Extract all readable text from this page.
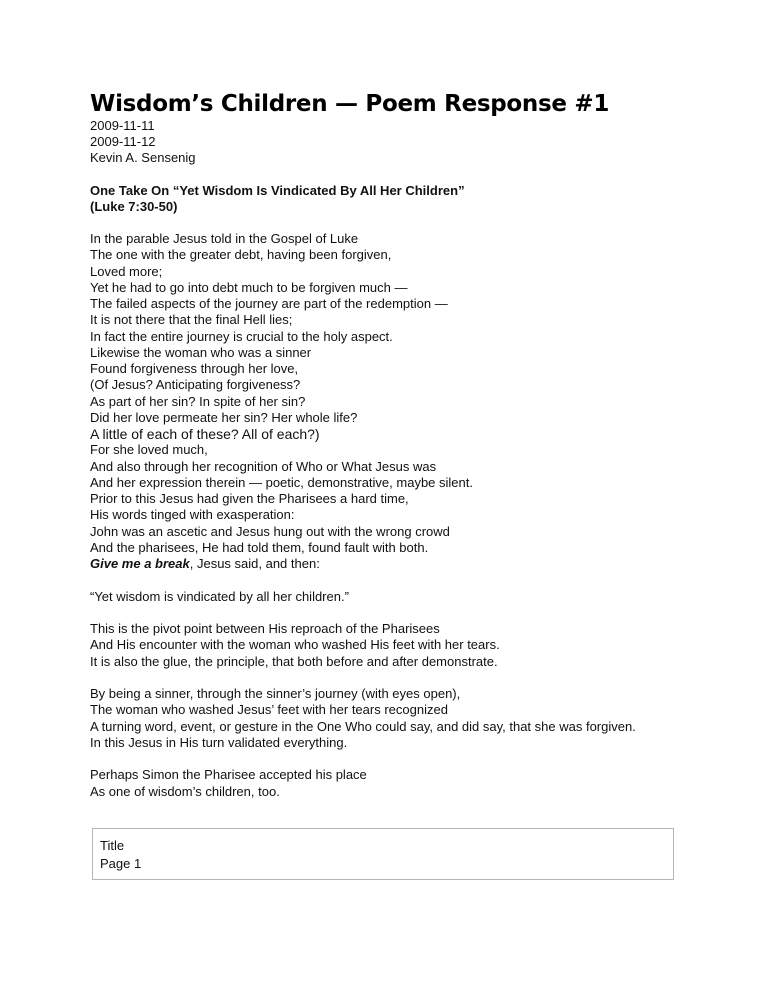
Wisdom’s Children — Poem Response #1
2009-11-11
2009-11-12
Kevin A. Sensenig
One Take On “Yet Wisdom Is Vindicated By All Her Children”
(Luke 7:30-50)
In the parable Jesus told in the Gospel of Luke
The one with the greater debt, having been forgiven,
Loved more;
Yet he had to go into debt much to be forgiven much —
The failed aspects of the journey are part of the redemption —
It is not there that the final Hell lies;
In fact the entire journey is crucial to the holy aspect.
Likewise the woman who was a sinner
Found forgiveness through her love,
(Of Jesus? Anticipating forgiveness?
As part of her sin? In spite of her sin?
Did her love permeate her sin? Her whole life?
A little of each of these? All of each?)
For she loved much,
And also through her recognition of Who or What Jesus was
And her expression therein — poetic, demonstrative, maybe silent.
Prior to this Jesus had given the Pharisees a hard time,
His words tinged with exasperation:
John was an ascetic and Jesus hung out with the wrong crowd
And the pharisees, He had told them, found fault with both.
Give me a break, Jesus said, and then:
“Yet wisdom is vindicated by all her children.”
This is the pivot point between His reproach of the Pharisees
And His encounter with the woman who washed His feet with her tears.
It is also the glue, the principle, that both before and after demonstrate.
By being a sinner, through the sinner’s journey (with eyes open),
The woman who washed Jesus’ feet with her tears recognized
A turning word, event, or gesture in the One Who could say, and did say, that she was forgiven.
In this Jesus in His turn validated everything.
Perhaps Simon the Pharisee accepted his place
As one of wisdom’s children, too.
Title
Page 1
